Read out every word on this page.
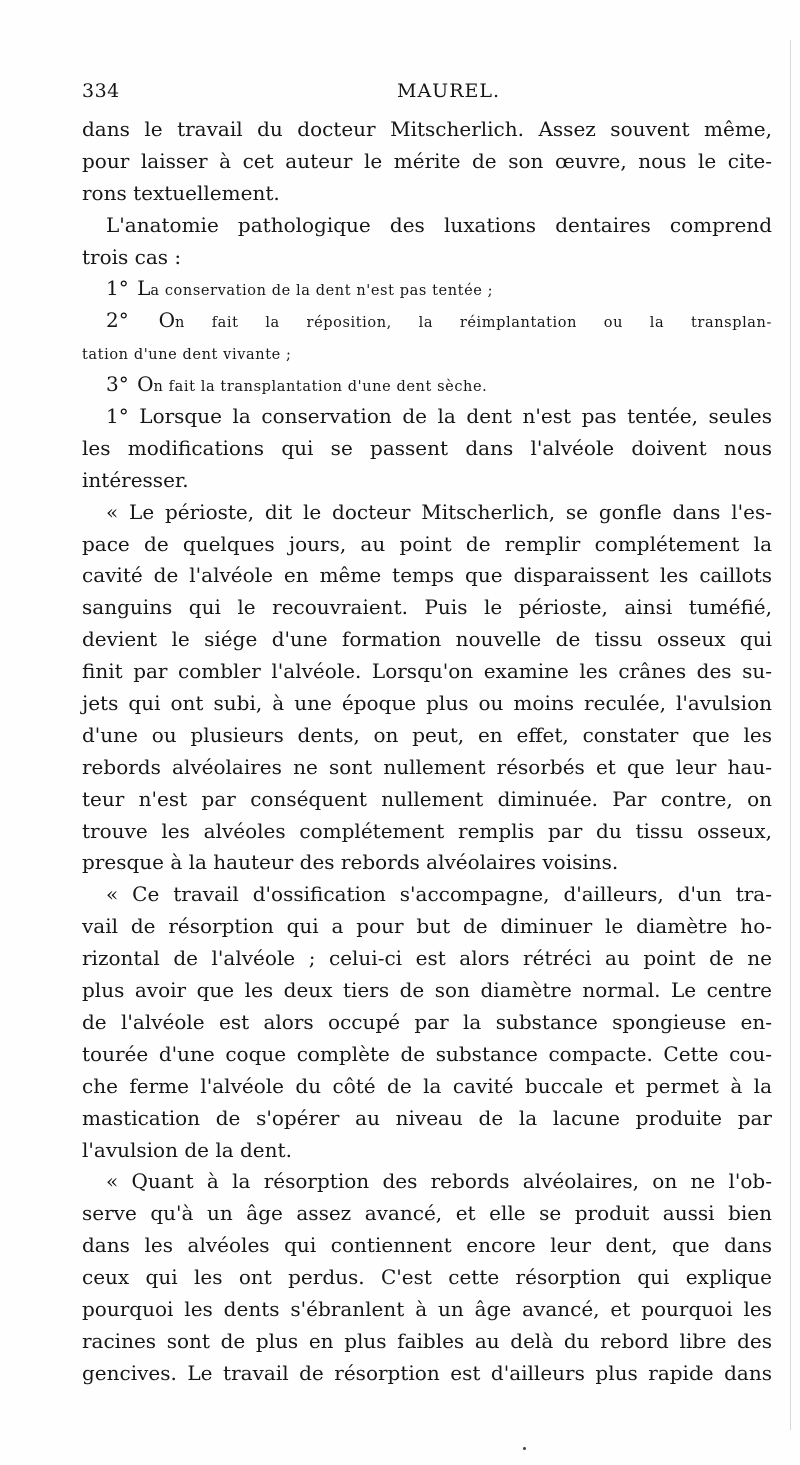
334	MAUREL.
dans le travail du docteur Mitscherlich. Assez souvent même,
pour laisser à cet auteur le mérite de son œuvre, nous le cite-
rons textuellement.
L'anatomie pathologique des luxations dentaires comprend
trois cas :
1° La conservation de la dent n'est pas tentée ;
2° On fait la réposition, la réimplantation ou la transplan-
tation d'une dent vivante ;
3° On fait la transplantation d'une dent sèche.
1° Lorsque la conservation de la dent n'est pas tentée, seules
les modifications qui se passent dans l'alvéole doivent nous
intéresser.
« Le périoste, dit le docteur Mitscherlich, se gonfle dans l'es-
pace de quelques jours, au point de remplir complétement la
cavité de l'alvéole en même temps que disparaissent les caillots
sanguins qui le recouvraient. Puis le périoste, ainsi tuméfié,
devient le siége d'une formation nouvelle de tissu osseux qui
finit par combler l'alvéole. Lorsqu'on examine les crânes des su-
jets qui ont subi, à une époque plus ou moins reculée, l'avulsion
d'une ou plusieurs dents, on peut, en effet, constater que les
rebords alvéolaires ne sont nullement résorbés et que leur hau-
teur n'est par conséquent nullement diminuée. Par contre, on
trouve les alvéoles complétement remplis par du tissu osseux,
presque à la hauteur des rebords alvéolaires voisins.
« Ce travail d'ossification s'accompagne, d'ailleurs, d'un tra-
vail de résorption qui a pour but de diminuer le diamètre ho-
rizontal de l'alvéole ; celui-ci est alors rétréci au point de ne
plus avoir que les deux tiers de son diamètre normal. Le centre
de l'alvéole est alors occupé par la substance spongieuse en-
tourée d'une coque complète de substance compacte. Cette cou-
che ferme l'alvéole du côté de la cavité buccale et permet à la
mastication de s'opérer au niveau de la lacune produite par
l'avulsion de la dent.
« Quant à la résorption des rebords alvéolaires, on ne l'ob-
serve qu'à un âge assez avancé, et elle se produit aussi bien
dans les alvéoles qui contiennent encore leur dent, que dans
ceux qui les ont perdus. C'est cette résorption qui explique
pourquoi les dents s'ébranlent à un âge avancé, et pourquoi les
racines sont de plus en plus faibles au delà du rebord libre des
gencives. Le travail de résorption est d'ailleurs plus rapide dans
